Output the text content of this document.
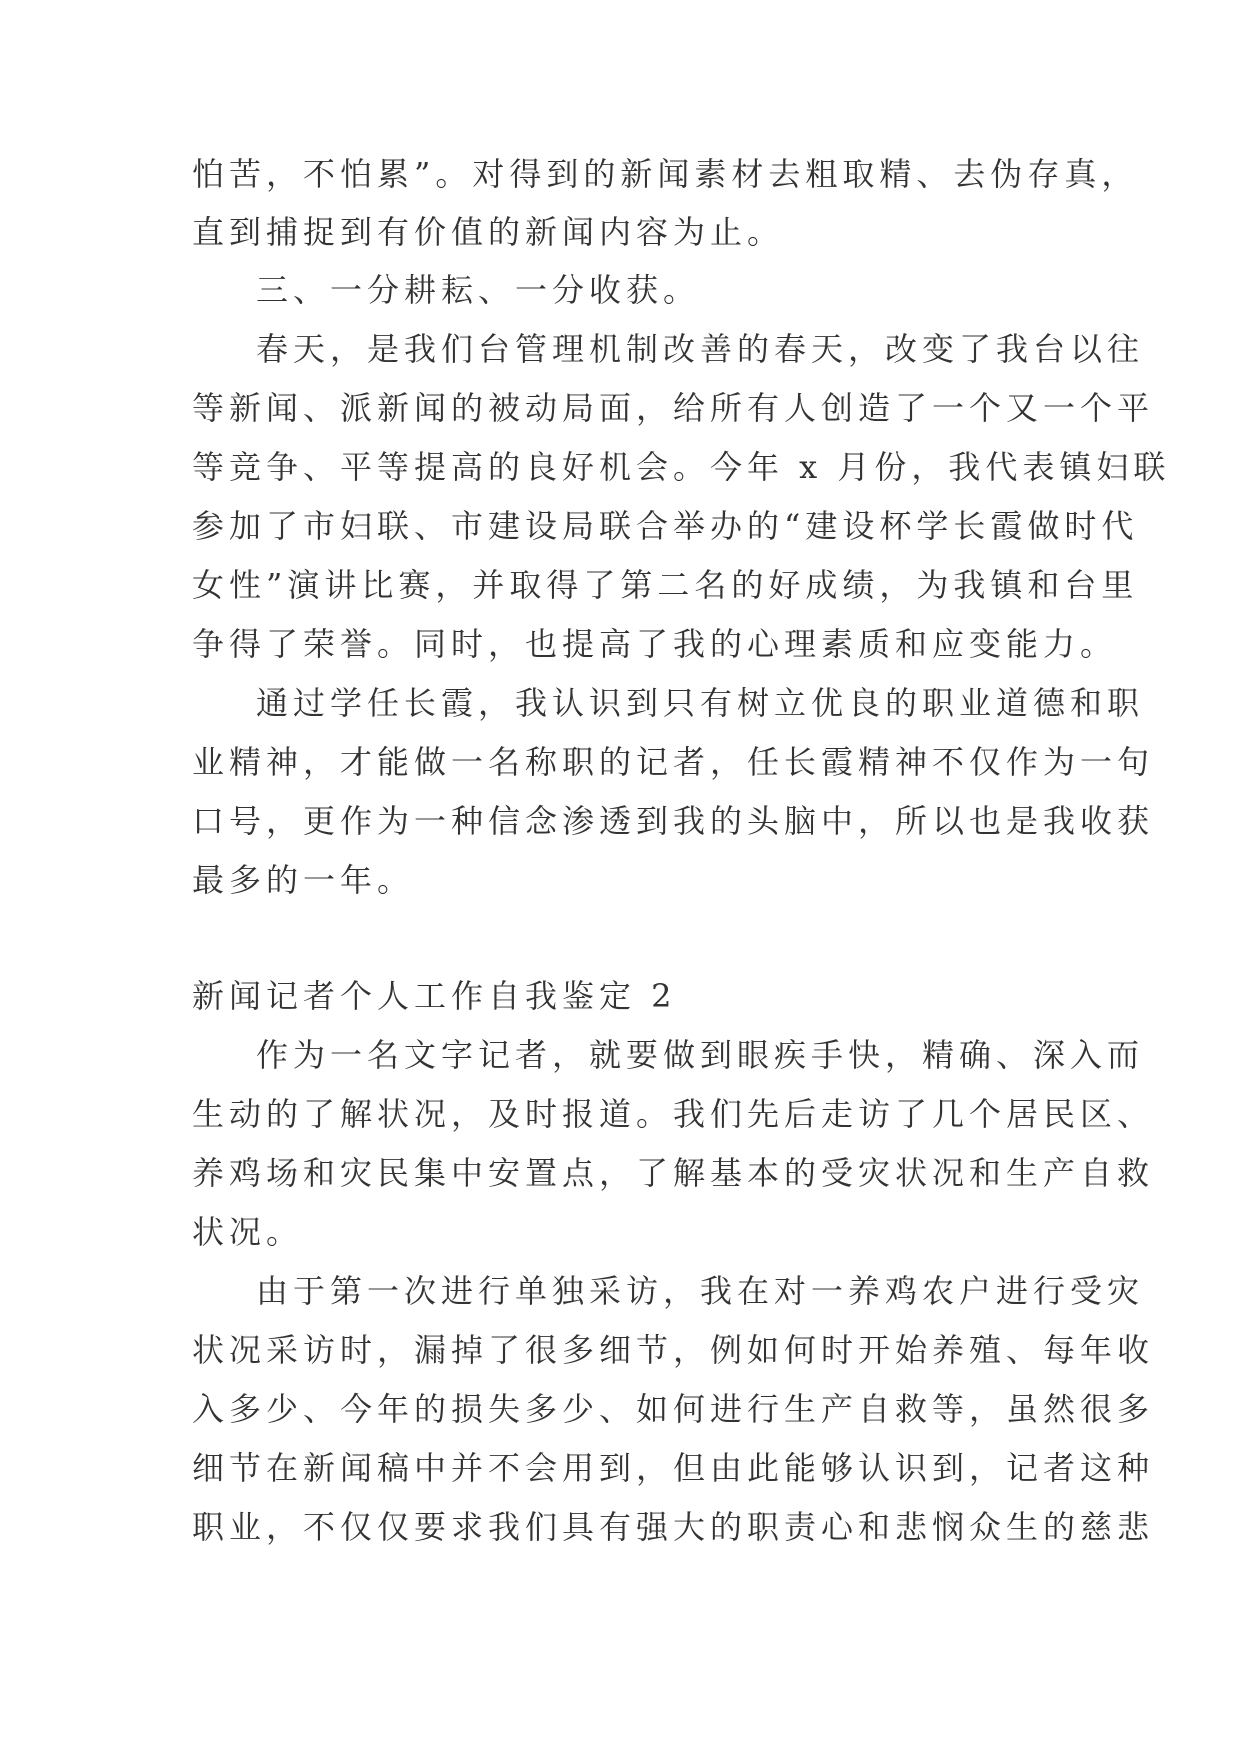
怕苦，不怕累”。对得到的新闻素材去粗取精、去伪存真，
直到捕捉到有价值的新闻内容为止。
三、一分耕耘、一分收获。
春天，是我们台管理机制改善的春天，改变了我台以往
等新闻、派新闻的被动局面，给所有人创造了一个又一个平
等竞争、平等提高的良好机会。今年 x 月份，我代表镇妇联
参加了市妇联、市建设局联合举办的“建设杯学长霞做时代
女性”演讲比赛，并取得了第二名的好成绩，为我镇和台里
争得了荣誉。同时，也提高了我的心理素质和应变能力。
通过学任长霞，我认识到只有树立优良的职业道德和职
业精神，才能做一名称职的记者，任长霞精神不仅作为一句
口号，更作为一种信念渗透到我的头脑中，所以也是我收获
最多的一年。
新闻记者个人工作自我鉴定 2
作为一名文字记者，就要做到眼疾手快，精确、深入而
生动的了解状况，及时报道。我们先后走访了几个居民区、
养鸡场和灾民集中安置点，了解基本的受灾状况和生产自救
状况。
由于第一次进行单独采访，我在对一养鸡农户进行受灾
状况采访时，漏掉了很多细节，例如何时开始养殖、每年收
入多少、今年的损失多少、如何进行生产自救等，虽然很多
细节在新闻稿中并不会用到，但由此能够认识到，记者这种
职业，不仅仅要求我们具有强大的职责心和悲悯众生的慈悲
